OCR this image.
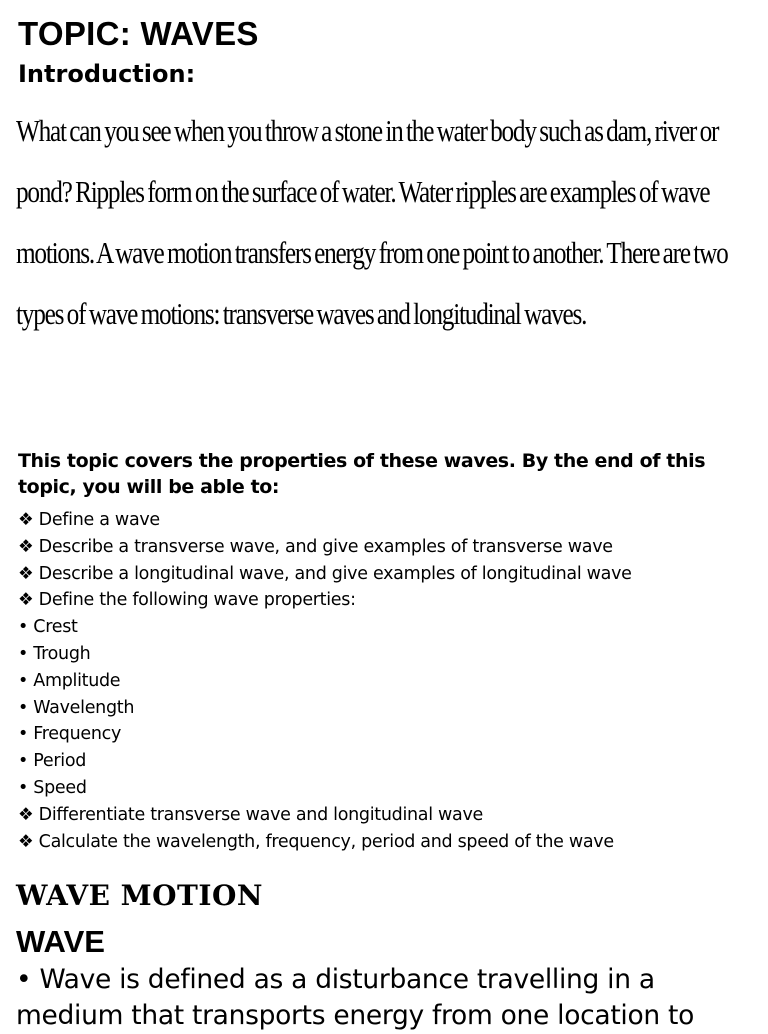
TOPIC: WAVES
Introduction:

What can you see when you throw a stone in the water body such as dam, river or pond? Ripples form on the surface of water. Water ripples are examples of wave motions. A wave motion transfers energy from one point to another. There are two types of wave motions: transverse waves and longitudinal waves.

This topic covers the properties of these waves. By the end of this topic, you will be able to:

❖ Define a wave
❖ Describe a transverse wave, and give examples of transverse wave
❖ Describe a longitudinal wave, and give examples of longitudinal wave
❖ Define the following wave properties:
• Crest
• Trough
• Amplitude
• Wavelength
• Frequency
• Period
• Speed
❖ Differentiate transverse wave and longitudinal wave
❖ Calculate the wavelength, frequency, period and speed of the wave
WAVE MOTION
WAVE

• Wave is defined as a disturbance travelling in a medium that transports energy from one location to
